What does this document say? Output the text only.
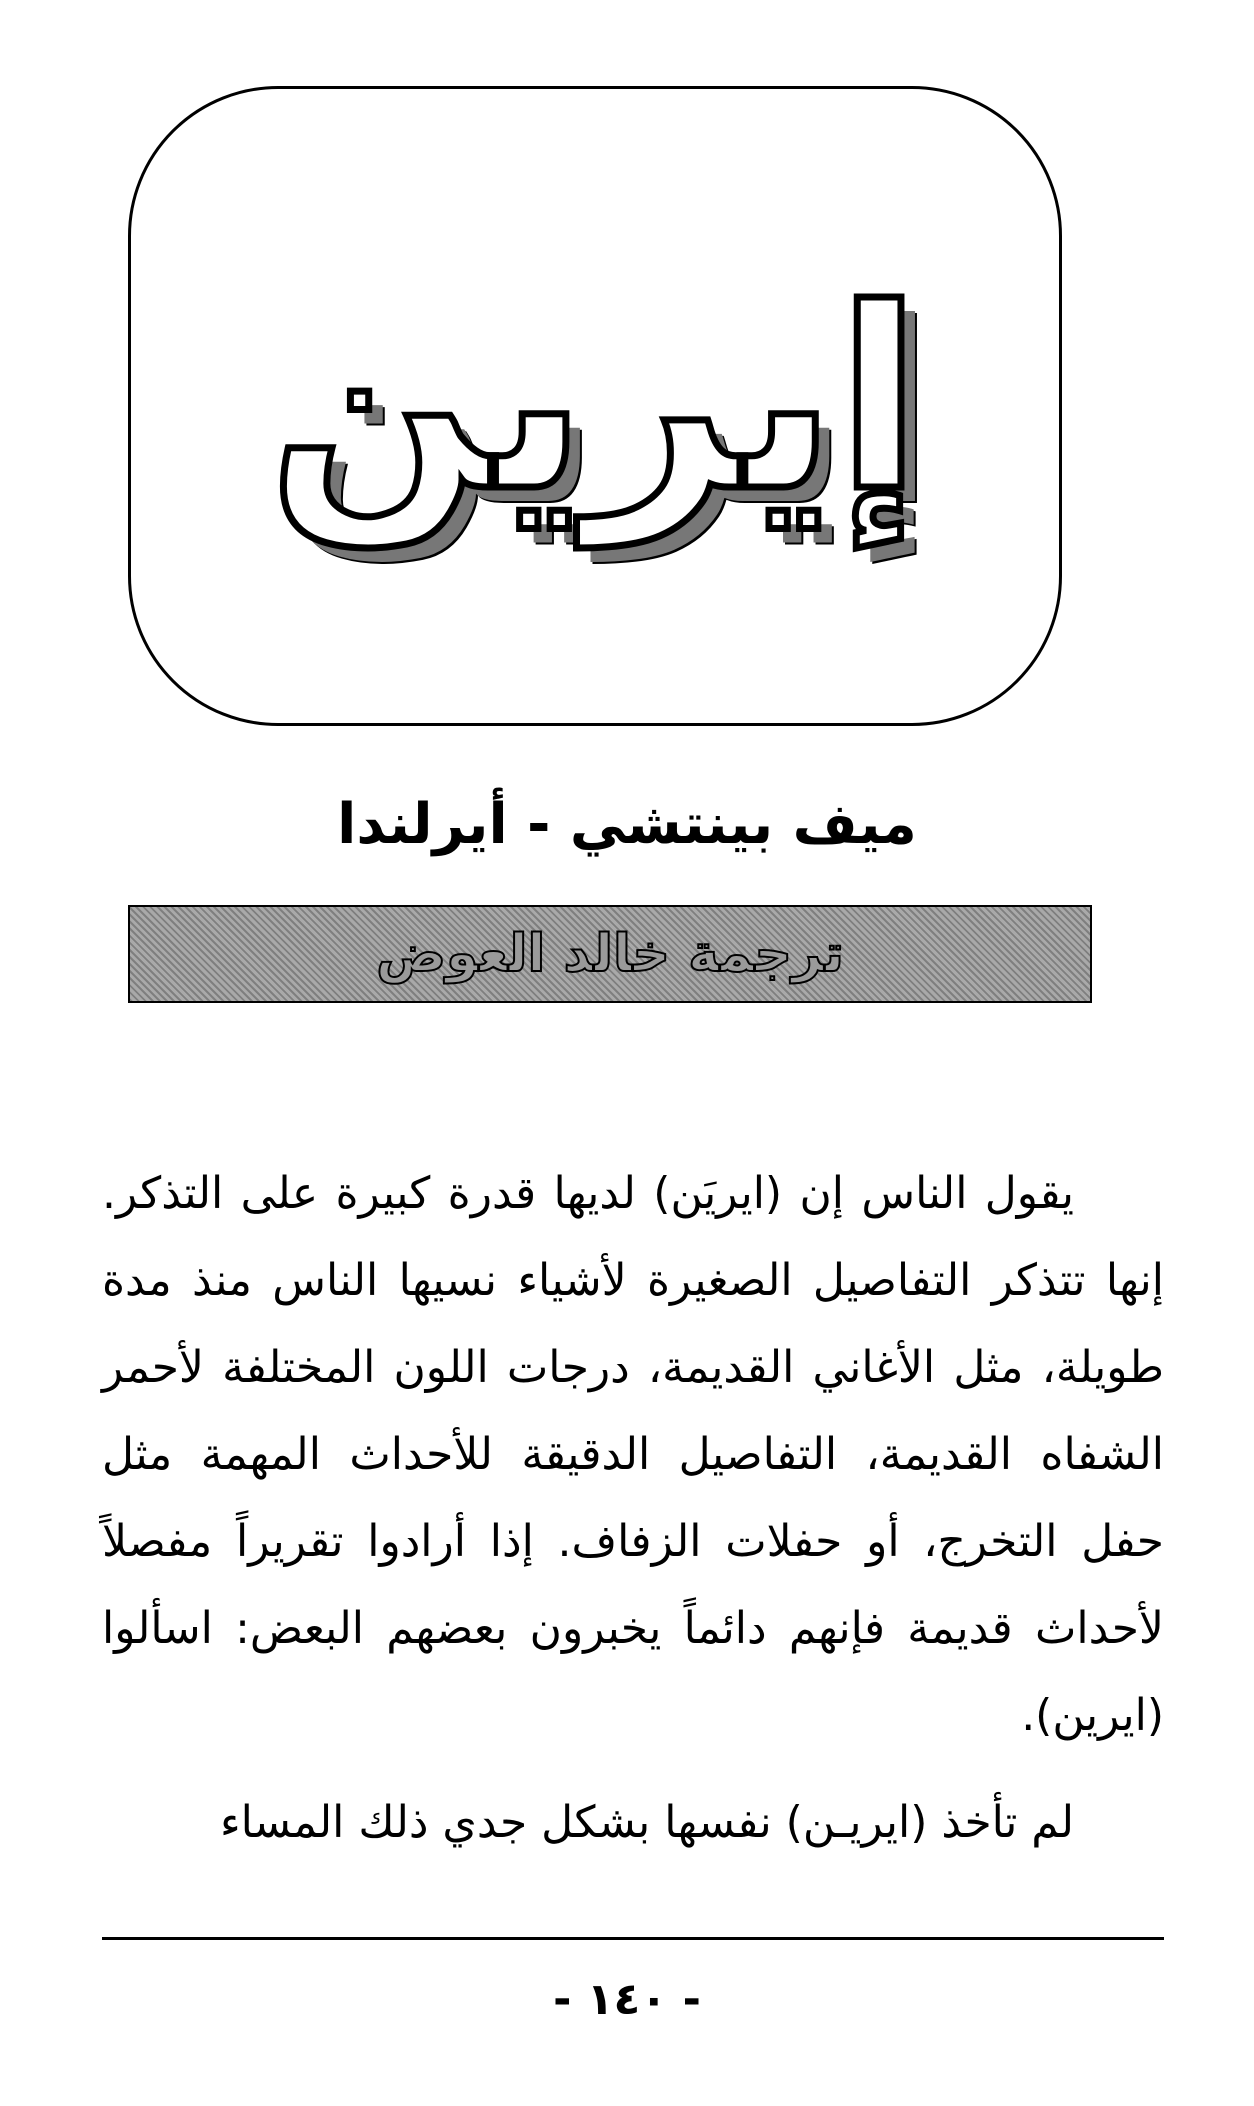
إيرين
ميف بينتشي - أيرلندا
ترجمة خالد العوض

يقول الناس إن (ايريَن) لديها قدرة كبيرة على التذكر. إنها تتذكر التفاصيل الصغيرة لأشياء نسيها الناس منذ مدة طويلة، مثل الأغاني القديمة، درجات اللون المختلفة لأحمر الشفاه القديمة، التفاصيل الدقيقة للأحداث المهمة مثل حفل التخرج، أو حفلات الزفاف. إذا أرادوا تقريراً مفصلاً لأحداث قديمة فإنهم دائماً يخبرون بعضهم البعض: اسألوا (ايرين).

لم تأخذ (ايريـن) نفسها بشكل جدي ذلك المساء

- ١٤٠ -
